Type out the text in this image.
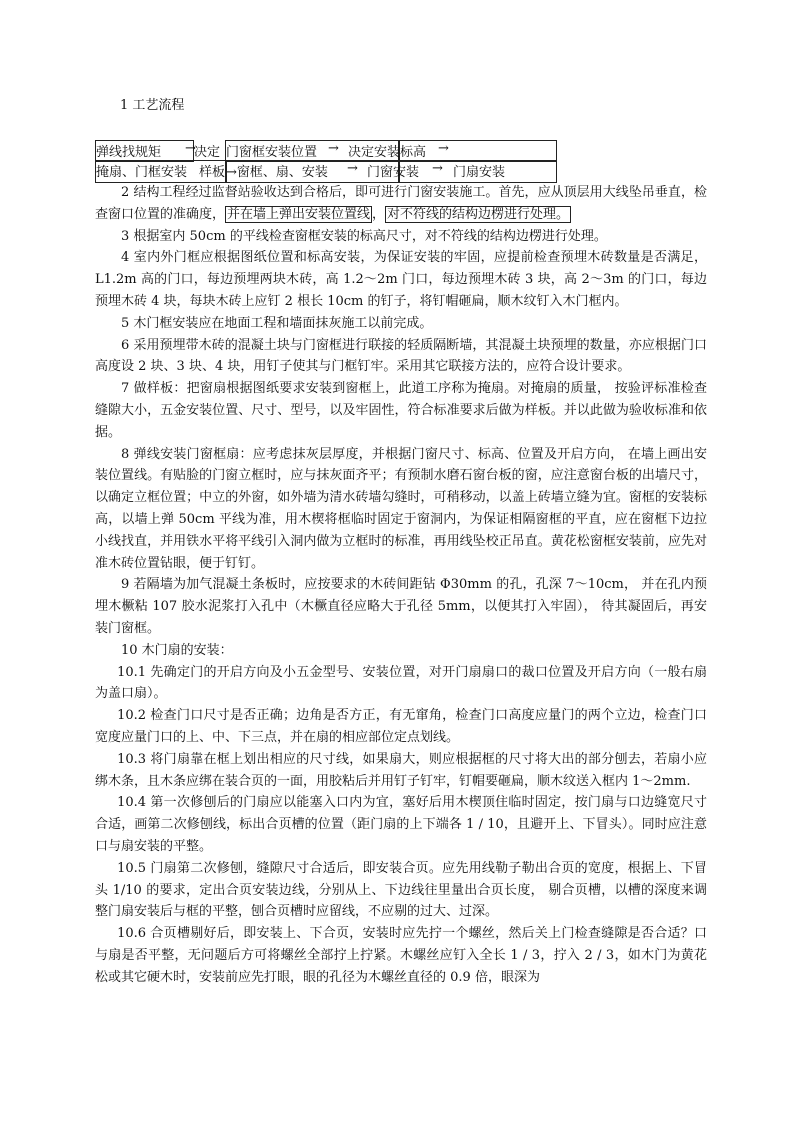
1 工艺流程
弹线找规矩 →
决定 门窗框安装位置 → 决定安装标高 →
掩扇、门框安装 样板 →窗框、扇、安装 → 门窗安装 → 门扇安装

2 结构工程经过监督站验收达到合格后，即可进行门窗安装施工。首先，应从顶层用大线坠吊垂直，检查窗口位置的准确度， 并在墙上弹出安装位置线 ， 对不符线的结构边楞进行处理。

3 根据室内 50cm 的平线检查窗框安装的标高尺寸，对不符线的结构边楞进行处理。

4 室内外门框应根据图纸位置和标高安装，为保证安装的牢固，应提前检查预埋木砖数量是否满足，L1.2m 高的门口，每边预埋两块木砖，高 1.2～2m 门口，每边预埋木砖 3 块，高 2～3m 的门口，每边预埋木砖 4 块，每块木砖上应钉 2 根长 10cm 的钉子，将钉帽砸扁，顺木纹钉入木门框内。

5 木门框安装应在地面工程和墙面抹灰施工以前完成。

6 采用预埋带木砖的混凝土块与门窗框进行联接的轻质隔断墙，其混凝土块预埋的数量，亦应根据门口高度设 2 块、3 块、4 块，用钉子使其与门框钉牢。采用其它联接方法的，应符合设计要求。

7 做样板：把窗扇根据图纸要求安装到窗框上，此道工序称为掩扇。对掩扇的质量， 按验评标准检查缝隙大小，五金安装位置、尺寸、型号，以及牢固性，符合标准要求后做为样板。并以此做为验收标准和依据。

8 弹线安装门窗框扇：应考虑抹灰层厚度，并根据门窗尺寸、标高、位置及开启方向， 在墙上画出安装位置线。有贴脸的门窗立框时，应与抹灰面齐平；有预制水磨石窗台板的窗，应注意窗台板的出墙尺寸，以确定立框位置；中立的外窗，如外墙为清水砖墙勾缝时，可稍移动，以盖上砖墙立缝为宜。窗框的安装标高，以墙上弹 50cm 平线为准，用木楔将框临时固定于窗洞内，为保证相隔窗框的平直，应在窗框下边拉小线找直，并用铁水平将平线引入洞内做为立框时的标准，再用线坠校正吊直。黄花松窗框安装前，应先对准木砖位置钻眼，便于钉钉。

9 若隔墙为加气混凝土条板时，应按要求的木砖间距钻 Φ30mm 的孔，孔深 7～10cm， 并在孔内预埋木橛粘 107 胶水泥浆打入孔中（木橛直径应略大于孔径 5mm，以便其打入牢固）， 待其凝固后，再安装门窗框。

10 木门扇的安装：

10.1 先确定门的开启方向及小五金型号、安装位置，对开门扇扇口的裁口位置及开启方向（一般右扇为盖口扇）。

10.2 检查门口尺寸是否正确；边角是否方正，有无窜角，检查门口高度应量门的两个立边，检查门口宽度应量门口的上、中、下三点，并在扇的相应部位定点划线。

10.3 将门扇靠在框上划出相应的尺寸线，如果扇大，则应根据框的尺寸将大出的部分刨去，若扇小应绑木条，且木条应绑在装合页的一面，用胶粘后并用钉子钉牢，钉帽要砸扁，顺木纹送入框内 1～2mm.

10.4 第一次修刨后的门扇应以能塞入口内为宜，塞好后用木楔顶住临时固定，按门扇与口边缝宽尺寸合适，画第二次修刨线，标出合页槽的位置（距门扇的上下端各 1 / 10，且避开上、下冒头）。同时应注意口与扇安装的平整。

10.5 门扇第二次修刨，缝隙尺寸合适后，即安装合页。应先用线勒子勒出合页的宽度，根据上、下冒头 1/10 的要求，定出合页安装边线，分别从上、下边线往里量出合页长度， 剔合页槽，以槽的深度来调整门扇安装后与框的平整，刨合页槽时应留线，不应剔的过大、过深。

10.6 合页槽剔好后，即安装上、下合页，安装时应先拧一个螺丝，然后关上门检查缝隙是否合适？口与扇是否平整，无问题后方可将螺丝全部拧上拧紧。木螺丝应钉入全长 1 / 3，拧入 2 / 3，如木门为黄花松或其它硬木时，安装前应先打眼，眼的孔径为木螺丝直径的 0.9 倍，眼深为
